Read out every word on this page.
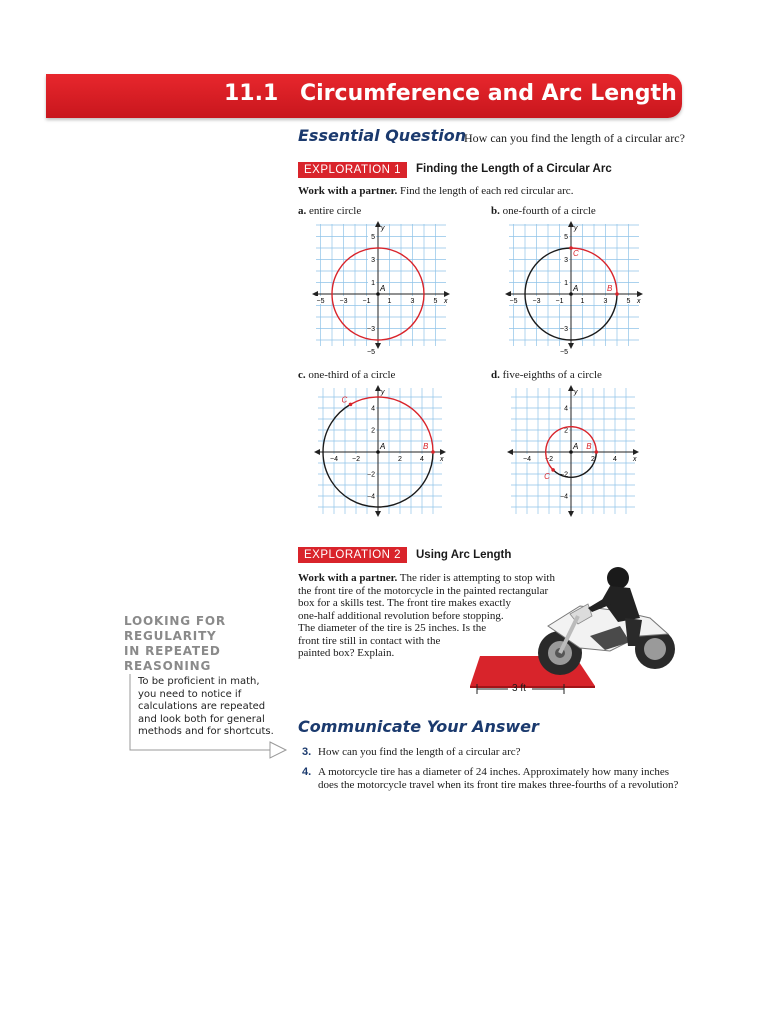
11.1 Circumference and Arc Length
Essential Question
How can you find the length of a circular arc?
EXPLORATION 1	Finding the Length of a Circular Arc
Work with a partner. Find the length of each red circular arc.
a. entire circle	b. one-fourth of a circle
c. one-third of a circle	d. five-eighths of a circle
x
y
−5 −3 −1 1	3	5
5
3
1
−3
−5
A
x
y
−5 −3 −1 1	3	5
5
3
1
−3
−5
A	B
C
x
y
−4 −2	2	4
4
2
−2
−4
A	B
C
x
y
−4 −2	2	4
4
2
−2
−4
A B
C
EXPLORATION 2	Using Arc Length
Work with a partner. The rider is attempting to stop with
the front tire of the motorcycle in the painted rectangular
box for a skills test. The front tire makes exactly
one-half additional revolution before stopping.
The diameter of the tire is 25 inches. Is the
front tire still in contact with the
painted box? Explain.
3 ft
LOOKING FOR
REGULARITY
IN REPEATED
REASONING
To be proficient in math,
you need to notice if
calculations are repeated
and look both for general
methods and for shortcuts. Communicate Your Answer
3. How can you find the length of a circular arc?
4. A motorcycle tire has a diameter of 24 inches. Approximately how many inches
does the motorcycle travel when its front tire makes three-fourths of a revolution?
